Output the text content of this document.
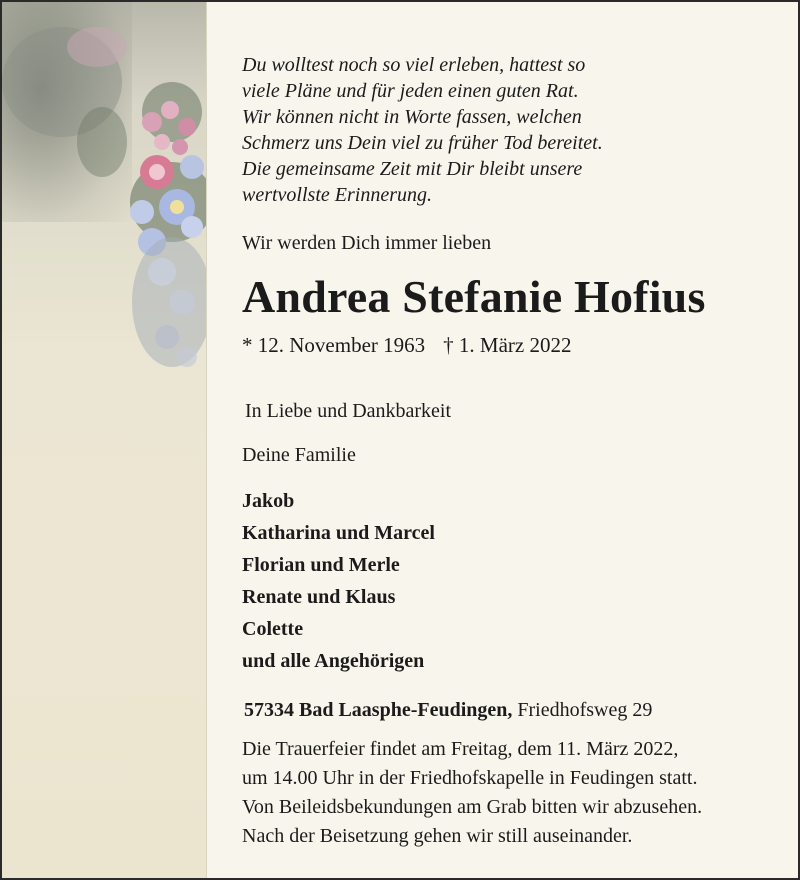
Du wolltest noch so viel erleben, hattest so
viele Pläne und für jeden einen guten Rat.
Wir können nicht in Worte fassen, welchen
Schmerz uns Dein viel zu früher Tod bereitet.
Die gemeinsame Zeit mit Dir bleibt unsere
wertvollste Erinnerung.
Wir werden Dich immer lieben
Andrea Stefanie Hofius
* 12. November 1963 † 1. März 2022
In Liebe und Dankbarkeit
Deine Familie
Jakob
Katharina und Marcel
Florian und Merle
Renate und Klaus
Colette
und alle Angehörigen
57334 Bad Laasphe-Feudingen, Friedhofsweg 29
Die Trauerfeier findet am Freitag, dem 11. März 2022,
um 14.00 Uhr in der Friedhofskapelle in Feudingen statt.
Von Beileidsbekundungen am Grab bitten wir abzusehen.
Nach der Beisetzung gehen wir still auseinander.
